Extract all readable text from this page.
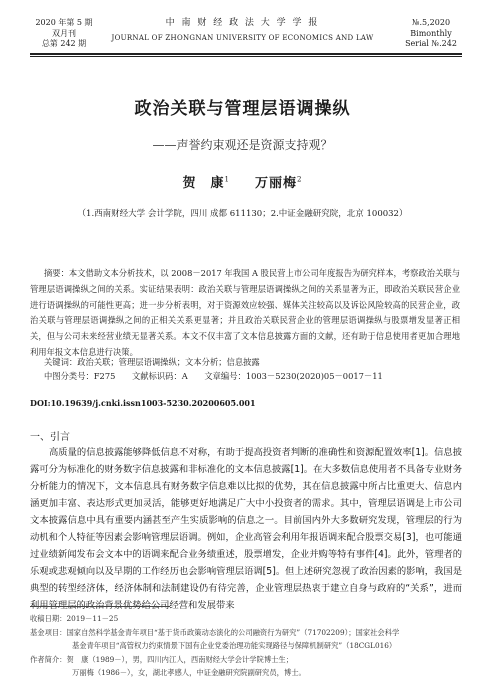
2020 年第 5 期
双月刊
总第 242 期
中 南 财 经 政 法 大 学 学 报
JOURNAL OF ZHONGNAN UNIVERSITY OF ECONOMICS AND LAW
№.5,2020
Bimonthly
Serial №.242
政治关联与管理层语调操纵
——声誉约束观还是资源支持观？
贺　康$^1$   万丽梅$^2$
（1.西南财经大学 会计学院，四川 成都 611130；2.中证金融研究院，北京 100032）
摘要：本文借助文本分析技术，以 2008－2017 年我国 A 股民营上市公司年度报告为研究样本，考察政治关联与管理层语调操纵之间的关系。实证结果表明：政治关联与管理层语调操纵之间的关系显著为正，即政治关联民营企业进行语调操纵的可能性更高；进一步分析表明，对于资源效应较强、媒体关注较高以及诉讼风险较高的民营企业，政治关联与管理层语调操纵之间的正相关关系更显著；并且政治关联民营企业的管理层语调操纵与股票增发显著正相关，但与公司未来经营业绩无显著关系。本文不仅丰富了文本信息披露方面的文献，还有助于信息使用者更加合理地利用年报文本信息进行决策。
关键词：政治关联；管理层语调操纵；文本分析；信息披露
中图分类号：F275　　文献标识码：A　　文章编号：1003－5230(2020)05－0017－11
DOI:10.19639/j.cnki.issn1003-5230.20200605.001
一、引言
高质量的信息披露能够降低信息不对称，有助于提高投资者判断的准确性和资源配置效率[1]。信息披露可分为标准化的财务数字信息披露和非标准化的文本信息披露[1]。在大多数信息使用者不具备专业财务分析能力的情况下，文本信息具有财务数字信息难以比拟的优势，其在信息披露中所占比重更大、信息内涵更加丰富、表达形式更加灵活，能够更好地满足广大中小投资者的需求。其中，管理层语调是上市公司文本披露信息中具有重要内涵甚至产生实质影响的信息之一。目前国内外大多数研究发现，管理层的行为动机和个人特征等因素会影响管理层语调。例如，企业高管会利用年报语调来配合股票交易[3]，也可能通过业绩新闻发布会文本中的语调来配合业务绩重述，股票增发，企业并购等特有事件[4]。此外，管理者的乐观或悲观倾向以及早期的工作经历也会影响管理层语调[5]。但上述研究忽视了政治因素的影响，我国是典型的转型经济体，经济体制和法制建设仍有待完善，企业管理层热衷于建立自身与政府的“关系”，进而利用管理层的政治背景优势给公司经营和发展带来
收稿日期：2019－11－25
基金项目：国家自然科学基金青年项目“基于货币政策动态演化的公司融资行为研究”（71702209）；国家社会科学
基金青年项目“高管权力约束情景下国有企业党委治理功能实现路径与保障机制研究”（18CGL016）
作者简介：贺　康（1989－），男，四川内江人，西南财经大学会计学院博士生；
万丽梅（1986－），女，湖北孝感人，中证金融研究院副研究员，博士。
